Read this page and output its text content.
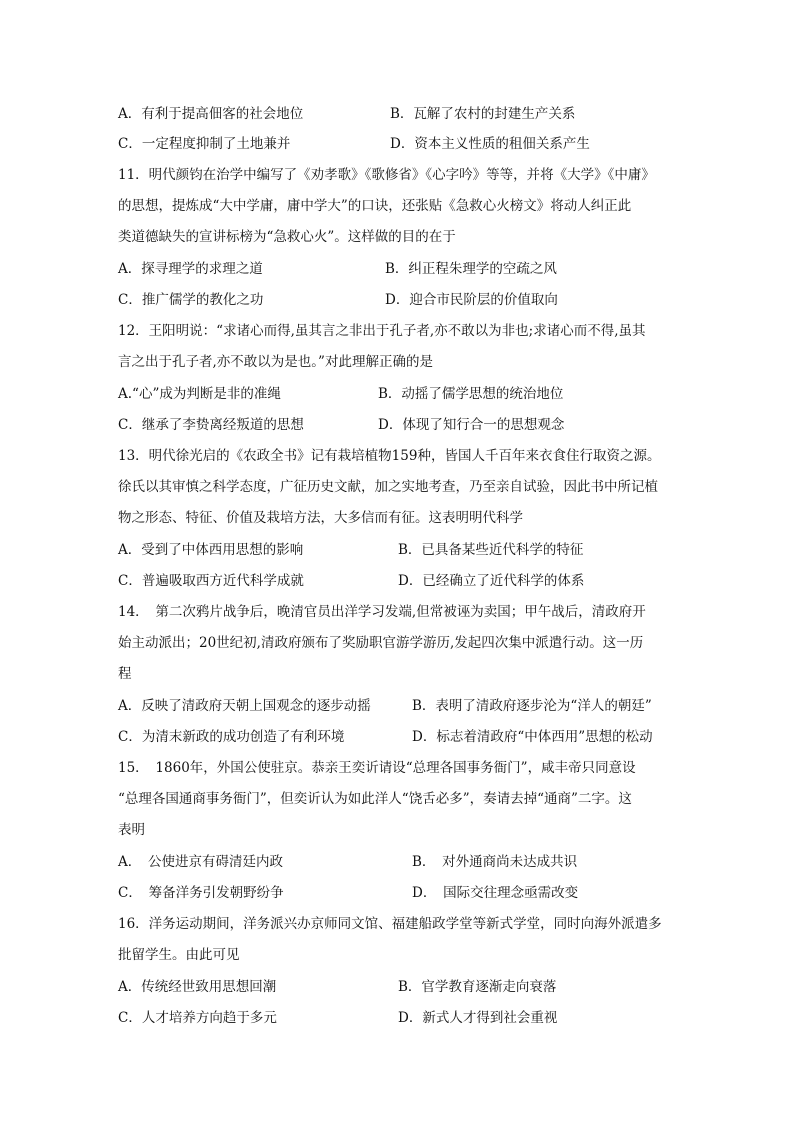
A．有利于提高佃客的社会地位	B．瓦解了农村的封建生产关系
C．一定程度抑制了土地兼并	D．资本主义性质的租佃关系产生
11．明代颜钧在治学中编写了《劝孝歌》《歌修省》《心字吟》等等，并将《大学》《中庸》
的思想，提炼成“大中学庸，庸中学大”的口诀，还张贴《急救心火榜文》将动人纠正此
类道德缺失的宣讲标榜为“急救心火”。这样做的目的在于
A．探寻理学的求理之道	B．纠正程朱理学的空疏之风
C．推广儒学的教化之功	D．迎合市民阶层的价值取向
12．王阳明说：“求诸心而得,虽其言之非出于孔子者,亦不敢以为非也;求诸心而不得,虽其
言之出于孔子者,亦不敢以为是也。”对此理解正确的是
A.“心”成为判断是非的准绳	B．动摇了儒学思想的统治地位
C．继承了李贽离经叛道的思想	D．体现了知行合一的思想观念
13．明代徐光启的《农政全书》记有栽培植物159种，皆国人千百年来衣食住行取资之源。
徐氏以其审慎之科学态度，广征历史文献，加之实地考查，乃至亲自试验，因此书中所记植
物之形态、特征、价值及栽培方法，大多信而有征。这表明明代科学
A．受到了中体西用思想的影响	B．已具备某些近代科学的特征
C．普遍吸取西方近代科学成就	D．已经确立了近代科学的体系
14．　第二次鸦片战争后，晚清官员出洋学习发端,但常被诬为卖国；甲午战后，清政府开
始主动派出；20世纪初,清政府颁布了奖励职官游学游历,发起四次集中派遣行动。这一历
程
A．反映了清政府天朝上国观念的逐步动摇	B．表明了清政府逐步沦为“洋人的朝廷”
C．为清末新政的成功创造了有利环境	D．标志着清政府“中体西用”思想的松动
15．　1860年，外国公使驻京。恭亲王奕䜣请设“总理各国事务衙门”，咸丰帝只同意设
“总理各国通商事务衙门”，但奕䜣认为如此洋人“饶舌必多”，奏请去掉“通商”二字。这
表明
A．　公使进京有碍清廷内政	B．　对外通商尚未达成共识
C．　筹备洋务引发朝野纷争	D．　国际交往理念亟需改变
16．洋务运动期间，洋务派兴办京师同文馆、福建船政学堂等新式学堂，同时向海外派遣多
批留学生。由此可见
A．传统经世致用思想回潮	B．官学教育逐渐走向衰落
C．人才培养方向趋于多元	D．新式人才得到社会重视
